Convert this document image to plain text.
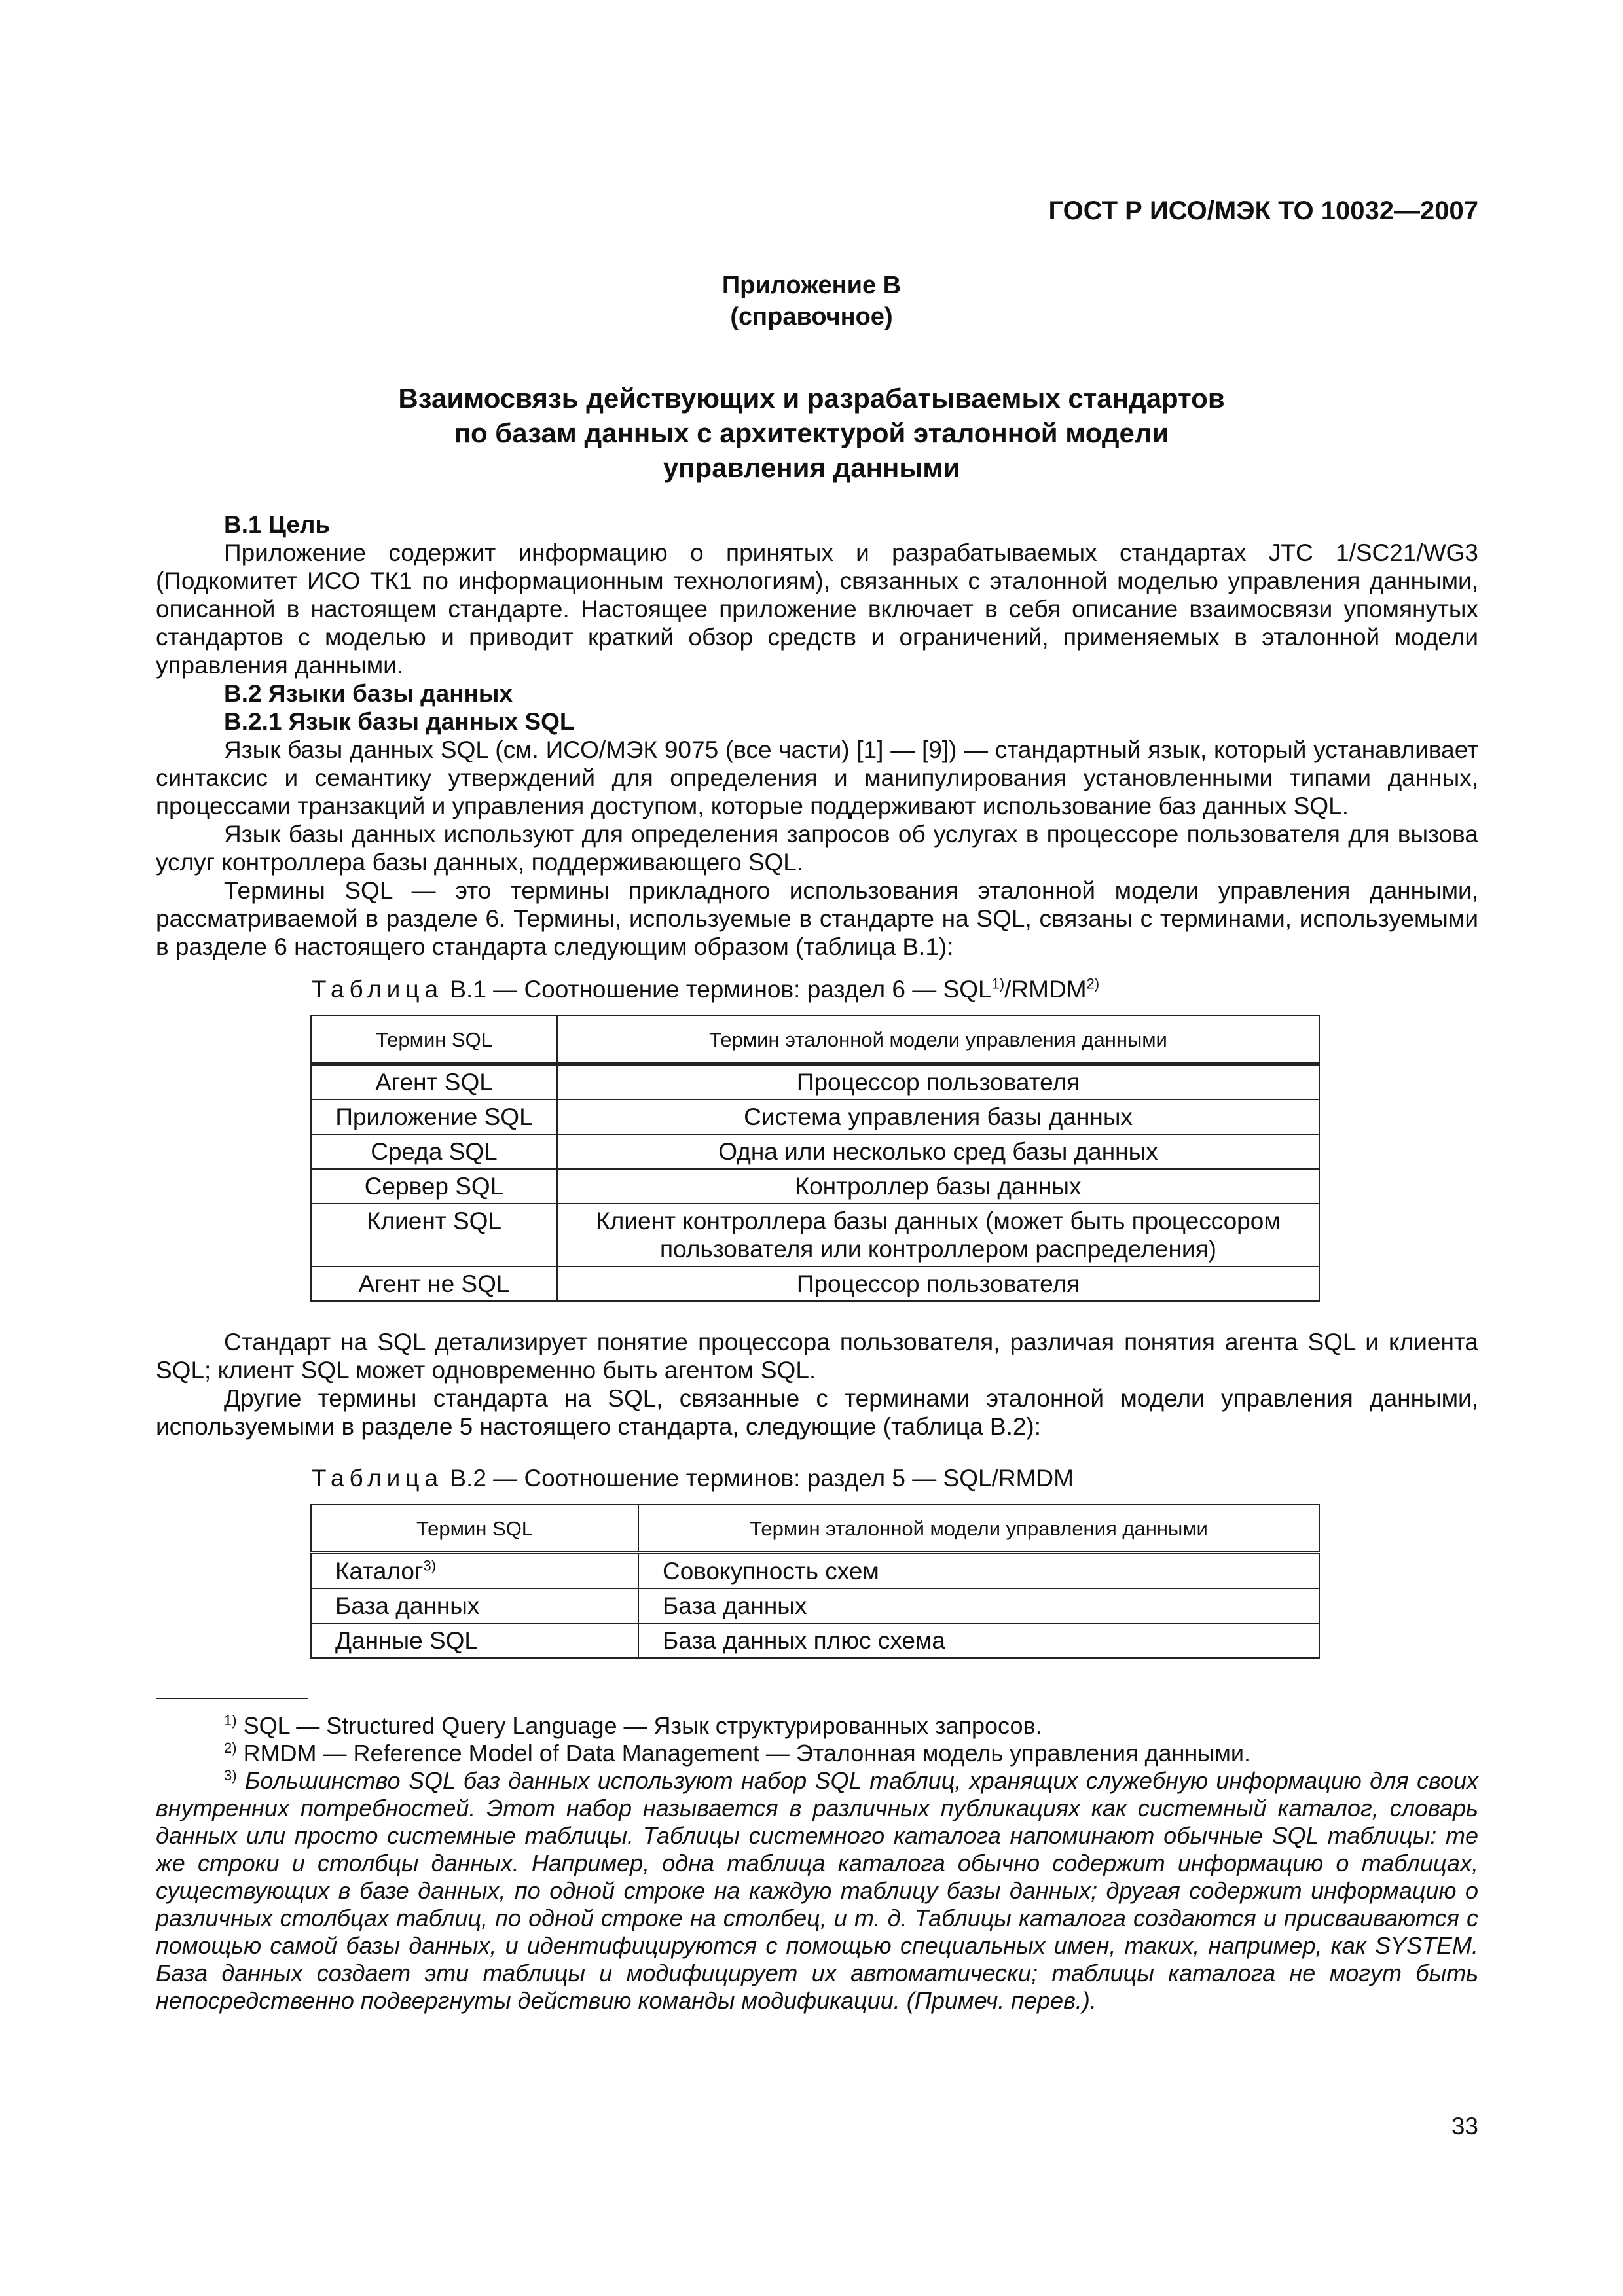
ГОСТ Р ИСО/МЭК ТО 10032—2007
Приложение В
(справочное)
Взаимосвязь действующих и разрабатываемых стандартов
по базам данных с архитектурой эталонной модели
управления данными

В.1 Цель

Приложение содержит информацию о принятых и разрабатываемых стандартах JTC 1/SC21/WG3 (Подкомитет ИСО ТК1 по информационным технологиям), связанных с эталонной моделью управления данными, описанной в настоящем стандарте. Настоящее приложение включает в себя описание взаимосвязи упомянутых стандартов с моделью и приводит краткий обзор средств и ограничений, применяемых в эталонной модели управления данными.

В.2 Языки базы данных

В.2.1 Язык базы данных SQL

Язык базы данных SQL (см. ИСО/МЭК 9075 (все части) [1] — [9]) — стандартный язык, который устанавливает синтаксис и семантику утверждений для определения и манипулирования установленными типами данных, процессами транзакций и управления доступом, которые поддерживают использование баз данных SQL.

Язык базы данных используют для определения запросов об услугах в процессоре пользователя для вызова услуг контроллера базы данных, поддерживающего SQL.

Термины SQL — это термины прикладного использования эталонной модели управления данными, рассматриваемой в разделе 6. Термины, используемые в стандарте на SQL, связаны с терминами, используемыми в разделе 6 настоящего стандарта следующим образом (таблица В.1):

Таблица В.1 — Соотношение терминов: раздел 6 — SQL$^{1)}$/RMDM$^{2)}$

Термин SQL	Термин эталонной модели управления данными
Агент SQL	Процессор пользователя
Приложение SQL	Система управления базы данных
Среда SQL	Одна или несколько сред базы данных
Сервер SQL	Контроллер базы данных
Клиент SQL	Клиент контроллера базы данных (может быть процессором пользователя или контроллером распределения)
Агент не SQL	Процессор пользователя

Стандарт на SQL детализирует понятие процессора пользователя, различая понятия агента SQL и клиента SQL; клиент SQL может одновременно быть агентом SQL.

Другие термины стандарта на SQL, связанные с терминами эталонной модели управления данными, используемыми в разделе 5 настоящего стандарта, следующие (таблица В.2):

Таблица В.2 — Соотношение терминов: раздел 5 — SQL/RMDM

Термин SQL	Термин эталонной модели управления данными
Каталог$^{3)}$	Совокупность схем
База данных	База данных
Данные SQL	База данных плюс схема

$^{1)}$ SQL — Structured Query Language — Язык структурированных запросов.

$^{2)}$ RMDM — Reference Model of Data Management — Эталонная модель управления данными.

$^{3)}$ Большинство SQL баз данных используют набор SQL таблиц, хранящих служебную информацию для своих внутренних потребностей. Этот набор называется в различных публикациях как системный каталог, словарь данных или просто системные таблицы. Таблицы системного каталога напоминают обычные SQL таблицы: те же строки и столбцы данных. Например, одна таблица каталога обычно содержит информацию о таблицах, существующих в базе данных, по одной строке на каждую таблицу базы данных; другая содержит информацию о различных столбцах таблиц, по одной строке на столбец, и т. д. Таблицы каталога создаются и присваиваются с помощью самой базы данных, и идентифицируются с помощью специальных имен, таких, например, как SYSTEM. База данных создает эти таблицы и модифицирует их автоматически; таблицы каталога не могут быть непосредственно подвергнуты действию команды модификации. (Примеч. перев.).

33
